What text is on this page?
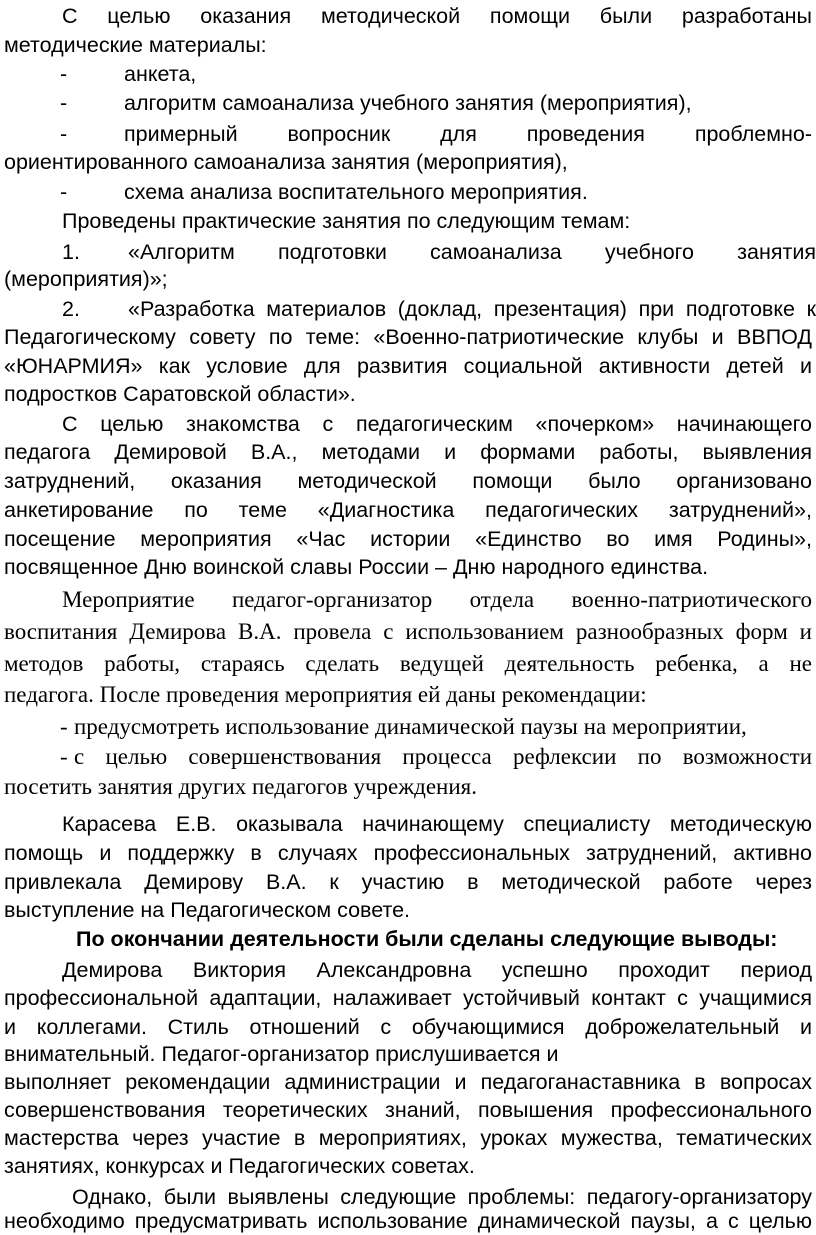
С целью оказания методической помощи были разработаны
методические материалы:
-	анкета,
-	алгоритм самоанализа учебного занятия (мероприятия),
-	примерный вопросник для проведения проблемно-
ориентированного самоанализа занятия (мероприятия),
-	схема анализа воспитательного мероприятия.
Проведены практические занятия по следующим темам:
1. «Алгоритм подготовки самоанализа учебного занятия
(мероприятия)»;
2. «Разработка материалов (доклад, презентация) при подготовке к
Педагогическому совету по теме: «Военно-патриотические клубы и ВВПОД
«ЮНАРМИЯ» как условие для развития социальной активности детей и
подростков Саратовской области».
С целью знакомства с педагогическим «почерком» начинающего
педагога Демировой В.А., методами и формами работы, выявления
затруднений, оказания методической помощи было организовано
анкетирование по теме «Диагностика педагогических затруднений»,
посещение мероприятия «Час истории «Единство во имя Родины»,
посвященное Дню воинской славы России – Дню народного единства.
Мероприятие педагог-организатор отдела военно-патриотического
воспитания Демирова В.А. провела с использованием разнообразных форм и
методов работы, стараясь сделать ведущей деятельность ребенка, а не
педагога. После проведения мероприятия ей даны рекомендации:
- предусмотреть использование динамической паузы на мероприятии,
- с целью совершенствования процесса рефлексии по возможности
посетить занятия других педагогов учреждения.
Карасева Е.В. оказывала начинающему специалисту методическую
помощь и поддержку в случаях профессиональных затруднений, активно
привлекала Демирову В.А. к участию в методической работе через
выступление на Педагогическом совете.
По окончании деятельности были сделаны следующие выводы:
Демирова Виктория Александровна успешно проходит период
профессиональной адаптации, налаживает устойчивый контакт с учащимися
и коллегами. Стиль отношений с обучающимися доброжелательный и
внимательный. Педагог-организатор прислушивается и
выполняет рекомендации администрации и педагоганаставника в вопросах
совершенствования теоретических знаний, повышения профессионального
мастерства через участие в мероприятиях, уроках мужества, тематических
занятиях, конкурсах и Педагогических советах.
Однако, были выявлены следующие проблемы: педагогу-организатору
необходимо предусматривать использование динамической паузы, а с целью
